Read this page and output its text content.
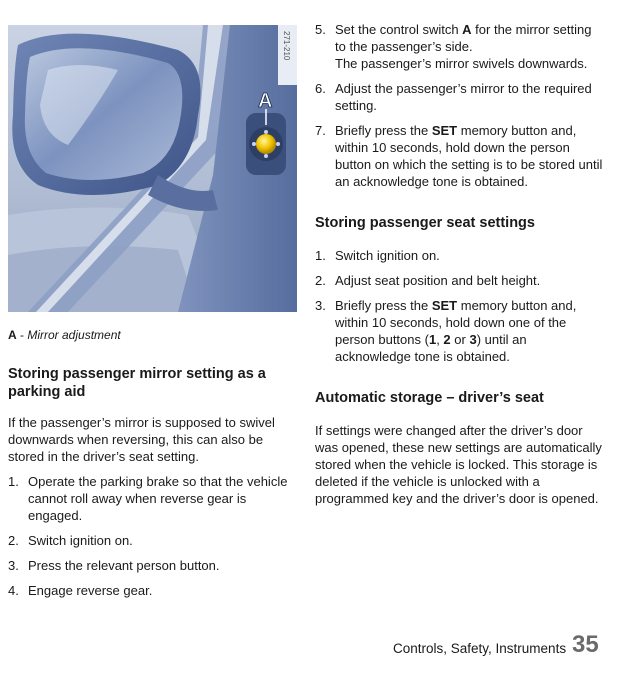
271-210
A
A - Mirror adjustment
Storing passenger mirror setting as a parking aid

If the passenger’s mirror is supposed to swivel downwards when reversing, this can also be stored in the driver’s seat setting.

1. Operate the parking brake so that the vehicle cannot roll away when reverse gear is engaged.
2. Switch ignition on.
3. Press the relevant person button.
4. Engage reverse gear.
5. Set the control switch A for the mirror setting to the passenger’s side.
The passenger’s mirror swivels downwards.
6. Adjust the passenger’s mirror to the required setting.
7. Briefly press the SET memory button and, within 10 seconds, hold down the person button on which the setting is to be stored until an acknowledge tone is obtained.
Storing passenger seat settings
1. Switch ignition on.
2. Adjust seat position and belt height.
3. Briefly press the SET memory button and, within 10 seconds, hold down one of the person buttons (1, 2 or 3) until an acknowledge tone is obtained.
Automatic storage – driver’s seat

If settings were changed after the driver’s door was opened, these new settings are automatically stored when the vehicle is locked. This storage is deleted if the vehicle is unlocked with a programmed key and the driver’s door is opened.

Controls, Safety, Instruments 35
